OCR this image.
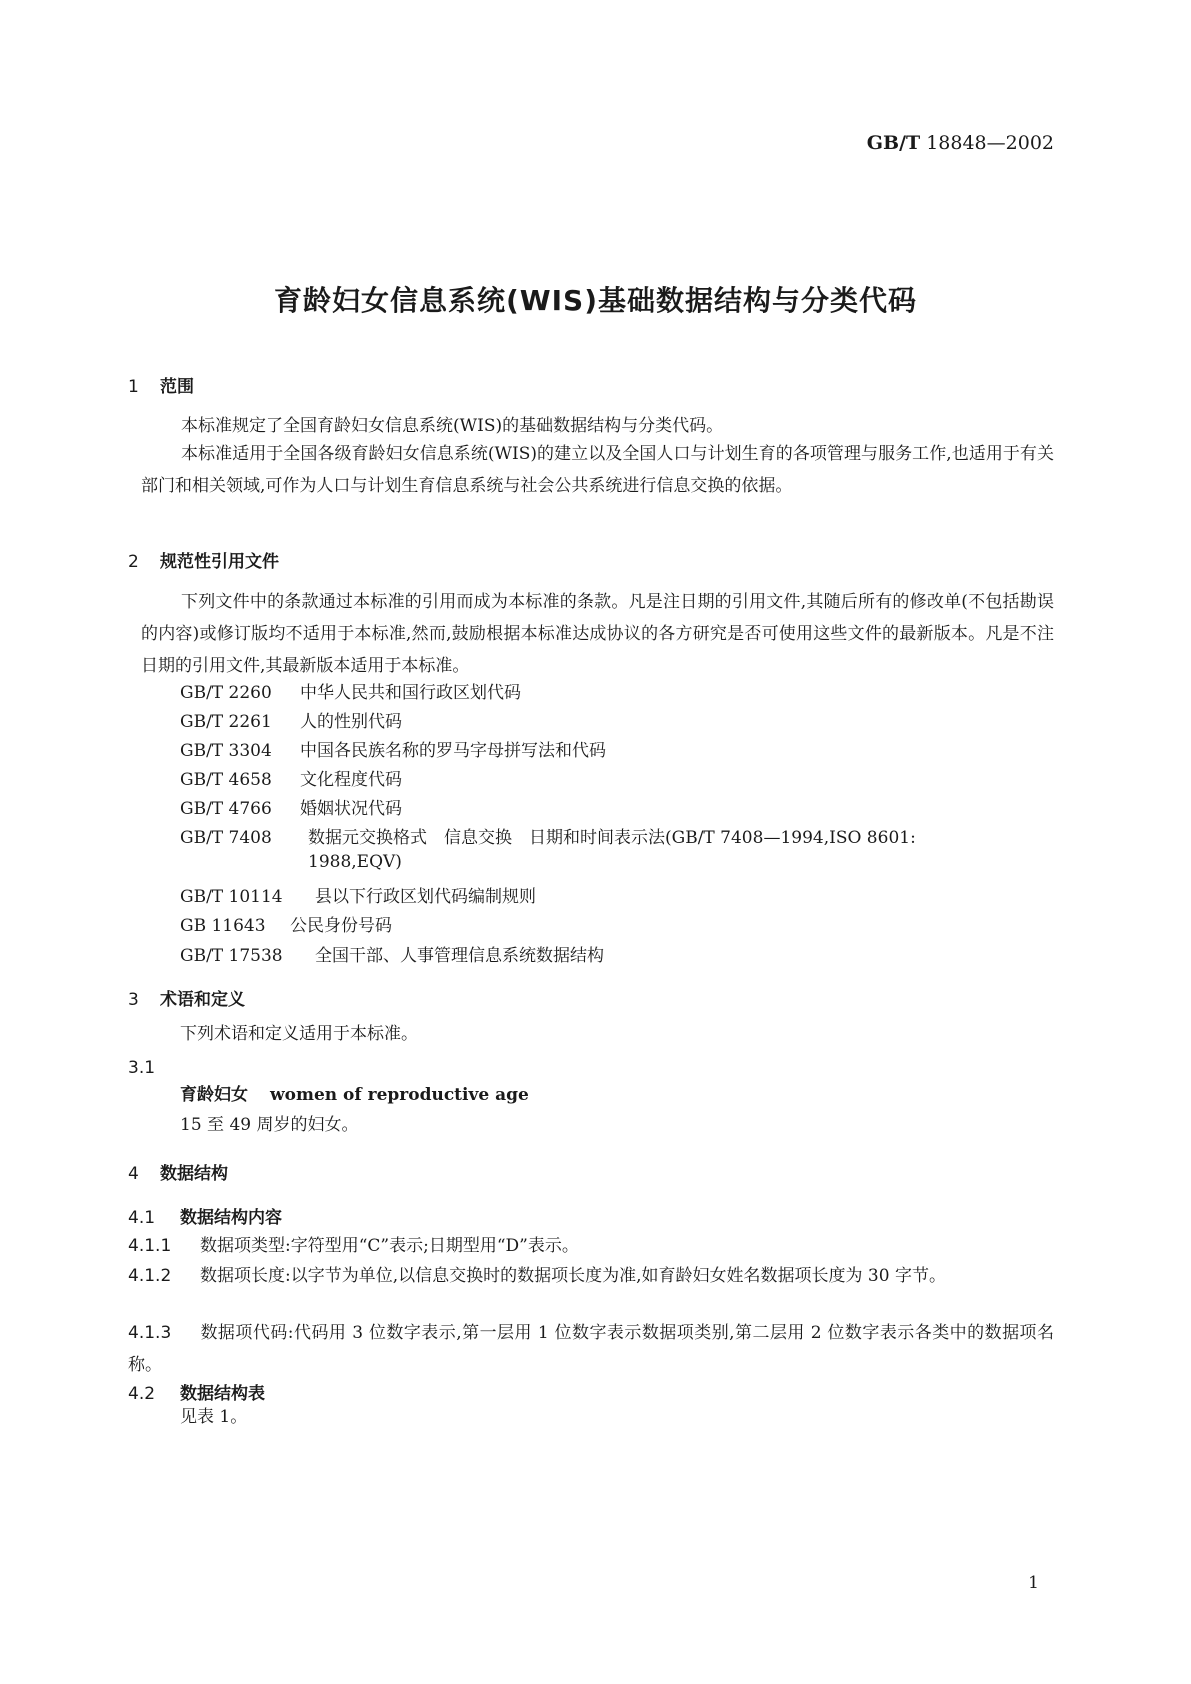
GB/T 18848—2002
育龄妇女信息系统(WIS)基础数据结构与分类代码
1 范围
本标准规定了全国育龄妇女信息系统(WIS)的基础数据结构与分类代码。
本标准适用于全国各级育龄妇女信息系统(WIS)的建立以及全国人口与计划生育的各项管理与服务工作,也适用于有关部门和相关领域,可作为人口与计划生育信息系统与社会公共系统进行信息交换的依据。
2 规范性引用文件
下列文件中的条款通过本标准的引用而成为本标准的条款。凡是注日期的引用文件,其随后所有的修改单(不包括勘误的内容)或修订版均不适用于本标准,然而,鼓励根据本标准达成协议的各方研究是否可使用这些文件的最新版本。凡是不注日期的引用文件,其最新版本适用于本标准。
GB/T 2260 中华人民共和国行政区划代码
GB/T 2261 人的性别代码
GB/T 3304 中国各民族名称的罗马字母拼写法和代码
GB/T 4658 文化程度代码
GB/T 4766 婚姻状况代码
GB/T 7408 数据元交换格式　信息交换　日期和时间表示法(GB/T 7408—1994,ISO 8601:
1988,EQV)
GB/T 10114 县以下行政区划代码编制规则
GB 11643 公民身份号码
GB/T 17538 全国干部、人事管理信息系统数据结构
3 术语和定义
下列术语和定义适用于本标准。
3.1
育龄妇女 women of reproductive age
15 至 49 周岁的妇女。
4 数据结构
4.1 数据结构内容
4.1.1 数据项类型:字符型用“C”表示;日期型用“D”表示。
4.1.2 数据项长度:以字节为单位,以信息交换时的数据项长度为准,如育龄妇女姓名数据项长度为 30 字节。
4.1.3 数据项代码:代码用 3 位数字表示,第一层用 1 位数字表示数据项类别,第二层用 2 位数字表示各类中的数据项名称。
4.2 数据结构表
见表 1。
1
